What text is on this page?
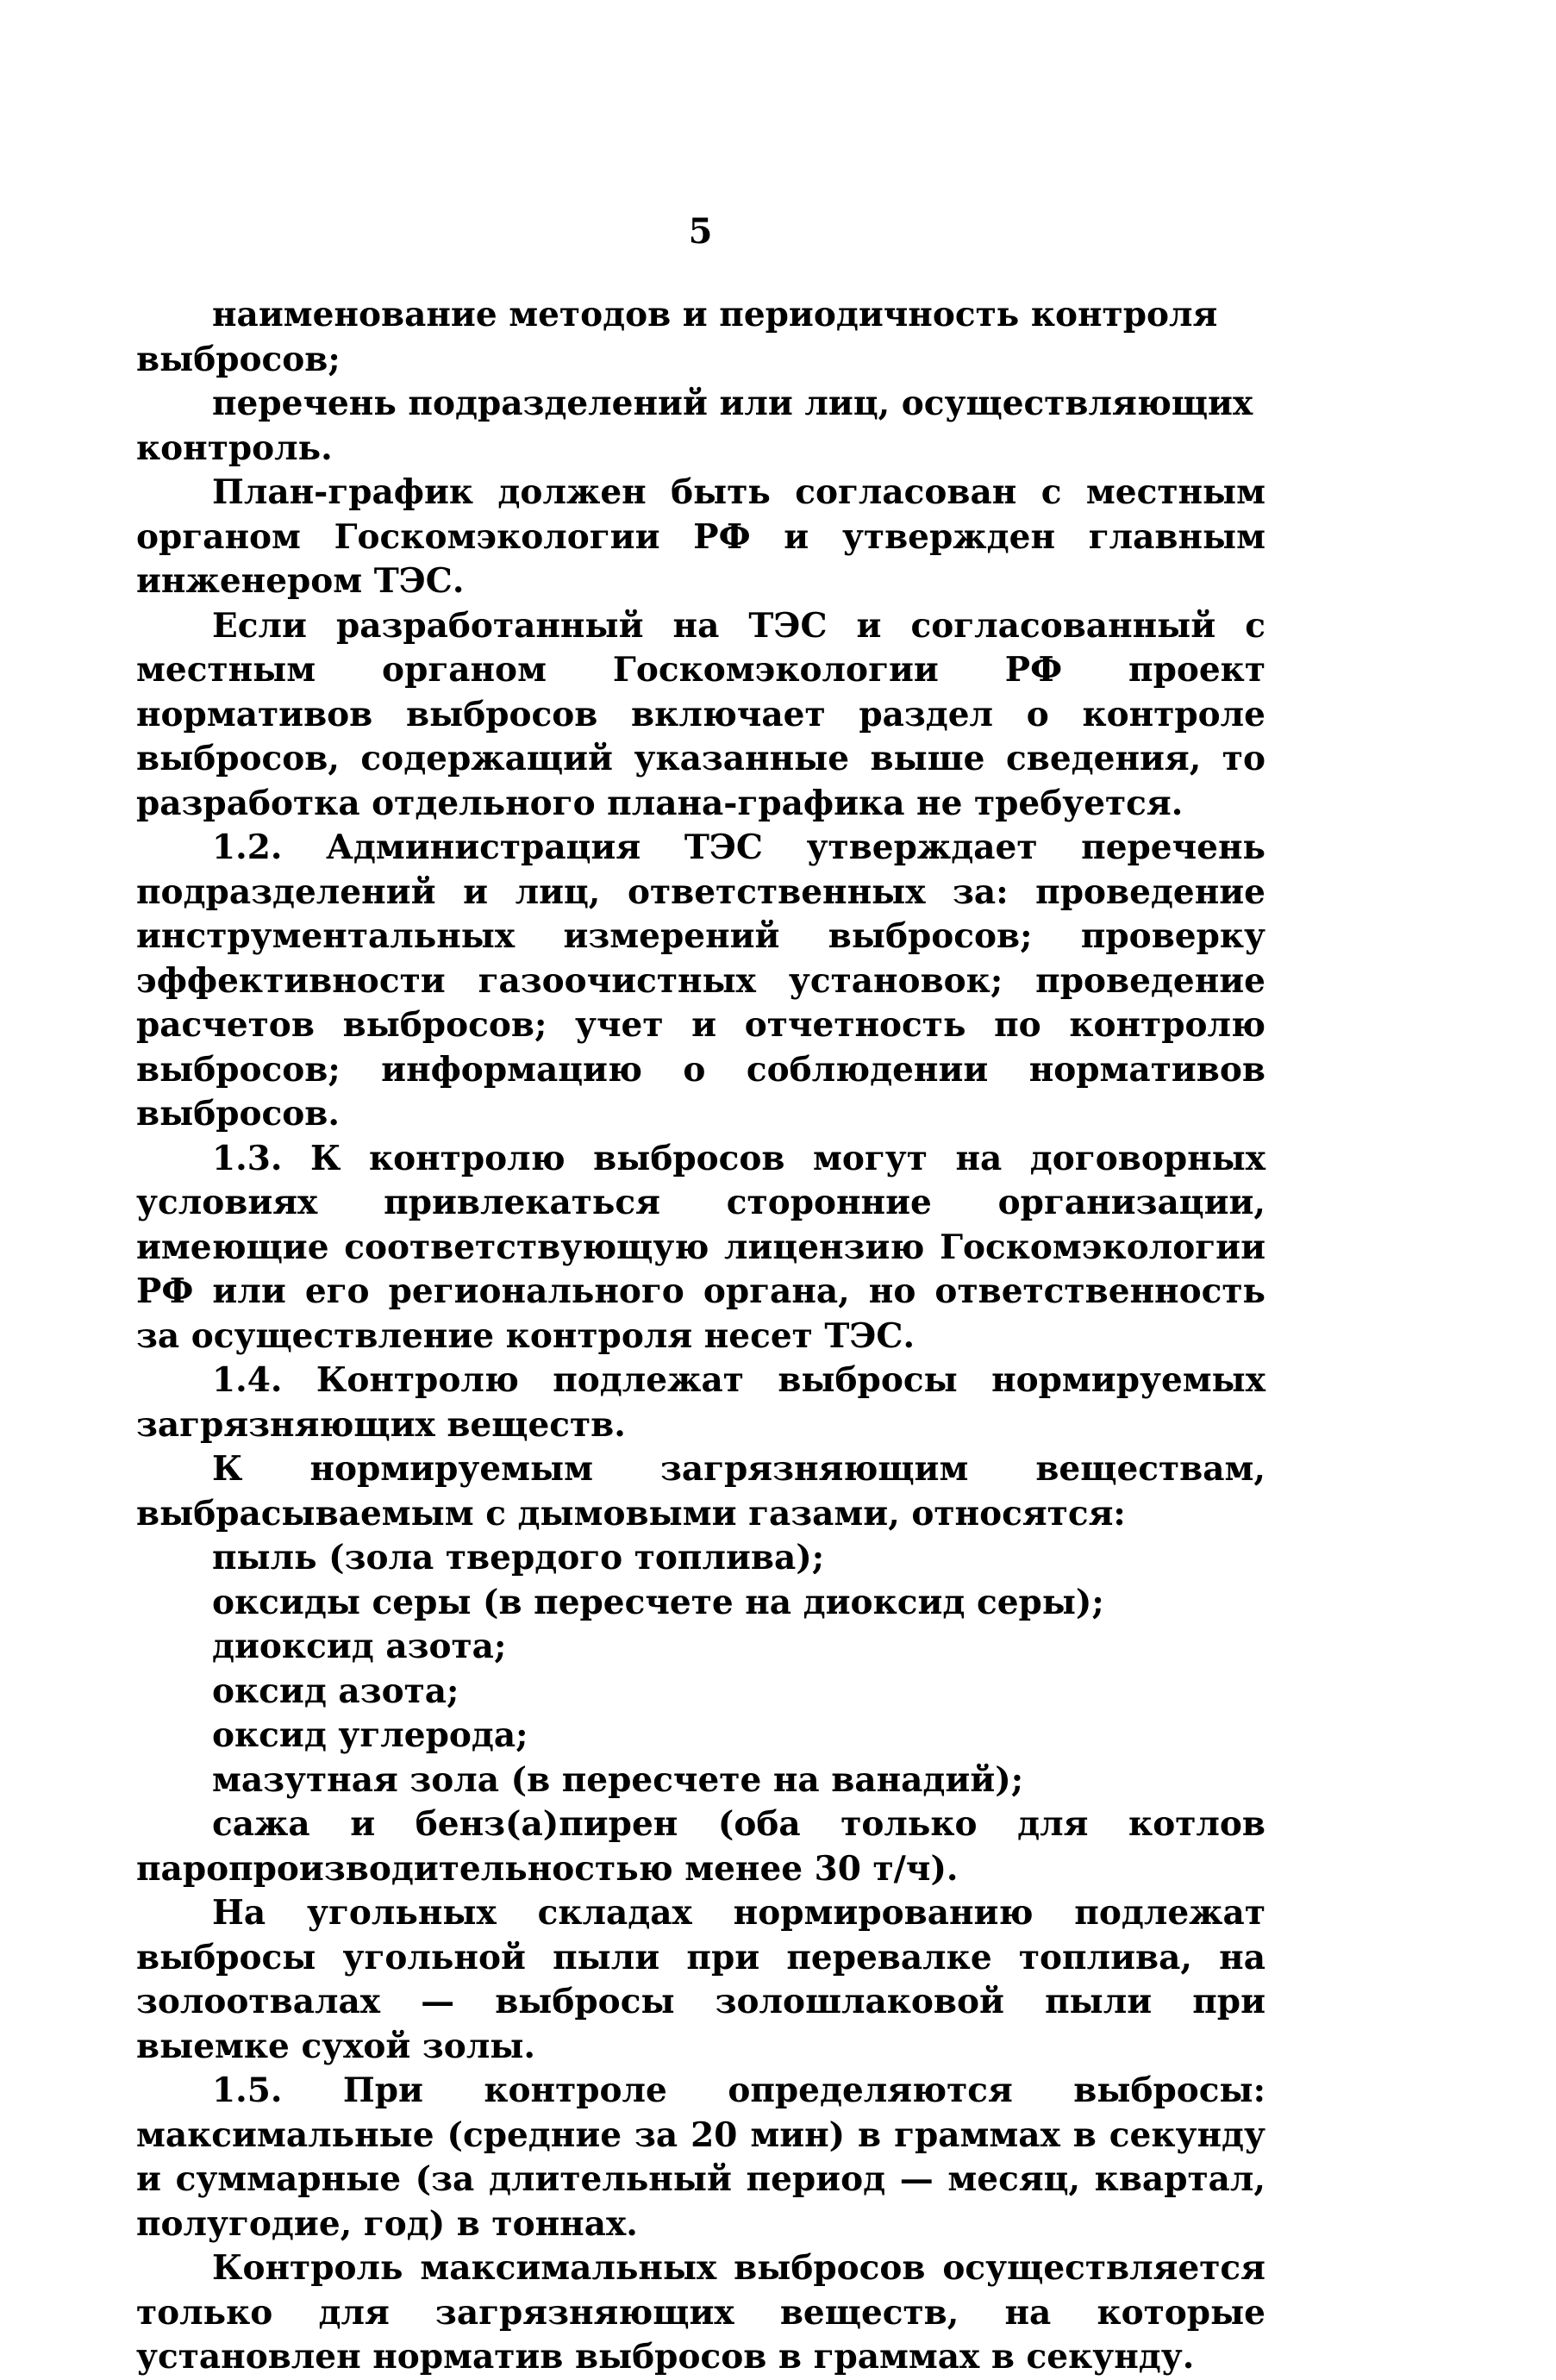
5

наименование методов и периодичность контроля выбросов;

перечень подразделений или лиц, осуществляющих контроль.

План-график должен быть согласован с местным органом Госкомэкологии РФ и утвержден главным инженером ТЭС.

Если разработанный на ТЭС и согласованный с местным органом Госкомэкологии РФ проект нормативов выбросов включает раздел о контроле выбросов, содержащий указанные выше сведения, то разработка отдельного плана-графика не требуется.

1.2. Администрация ТЭС утверждает перечень подразделений и лиц, ответственных за: проведение инструментальных измерений выбросов; проверку эффективности газоочистных установок; проведение расчетов выбросов; учет и отчетность по контролю выбросов; информацию о соблюдении нормативов выбросов.

1.3. К контролю выбросов могут на договорных условиях привлекаться сторонние организации, имеющие соответствующую лицензию Госкомэкологии РФ или его регионального органа, но ответственность за осуществление контроля несет ТЭС.

1.4. Контролю подлежат выбросы нормируемых загрязняющих веществ.

К нормируемым загрязняющим веществам, выбрасываемым с дымовыми газами, относятся:

пыль (зола твердого топлива);

оксиды серы (в пересчете на диоксид серы);

диоксид азота;

оксид азота;

оксид углерода;

мазутная зола (в пересчете на ванадий);

сажа и бенз(а)пирен (оба только для котлов паропроизводительностью менее 30 т/ч).

На угольных складах нормированию подлежат выбросы угольной пыли при перевалке топлива, на золоотвалах — выбросы золошлаковой пыли при выемке сухой золы.

1.5. При контроле определяются выбросы: максимальные (средние за 20 мин) в граммах в секунду и суммарные (за длительный период — месяц, квартал, полугодие, год) в тоннах.

Контроль максимальных выбросов осуществляется только для загрязняющих веществ, на которые установлен норматив выбросов в граммах в секунду.
